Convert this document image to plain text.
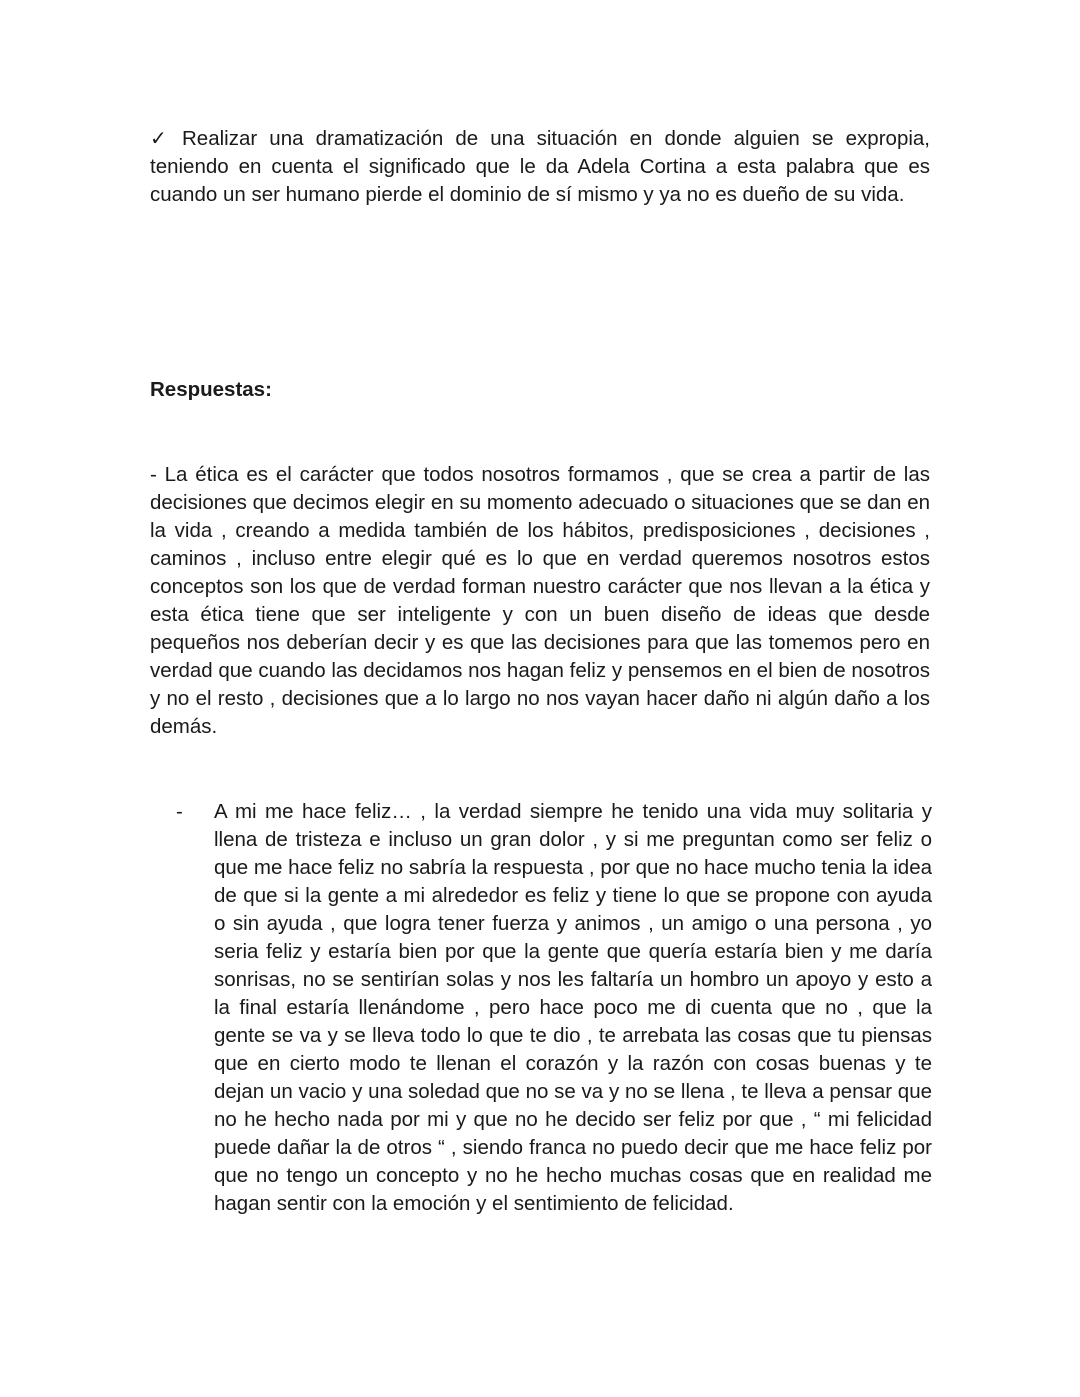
✓ Realizar una dramatización de una situación en donde alguien se expropia, teniendo en cuenta el significado que le da Adela Cortina a esta palabra que es cuando un ser humano pierde el dominio de sí mismo y ya no es dueño de su vida.

Respuestas:

- La ética es el carácter que todos nosotros formamos , que se crea a partir de las decisiones que decimos elegir en su momento adecuado o situaciones que se dan en la vida , creando a medida también de los hábitos, predisposiciones , decisiones , caminos , incluso entre elegir qué es lo que en verdad queremos nosotros estos conceptos son los que de verdad forman nuestro carácter que nos llevan a la ética y esta ética tiene que ser inteligente y con un buen diseño de ideas que desde pequeños nos deberían decir y es que las decisiones para que las tomemos pero en verdad que cuando las decidamos nos hagan feliz y pensemos en el bien de nosotros y no el resto , decisiones que a lo largo no nos vayan hacer daño ni algún daño a los demás.

- A mi me hace feliz… , la verdad siempre he tenido una vida muy solitaria y llena de tristeza e incluso un gran dolor , y si me preguntan como ser feliz o que me hace feliz no sabría la respuesta , por que no hace mucho tenia la idea de que si la gente a mi alrededor es feliz y tiene lo que se propone con ayuda o sin ayuda , que logra tener fuerza y animos , un amigo o una persona , yo seria feliz y estaría bien por que la gente que quería estaría bien y me daría sonrisas, no se sentirían solas y nos les faltaría un hombro un apoyo y esto a la final estaría llenándome , pero hace poco me di cuenta que no , que la gente se va y se lleva todo lo que te dio , te arrebata las cosas que tu piensas que en cierto modo te llenan el corazón y la razón con cosas buenas y te dejan un vacio y una soledad que no se va y no se llena , te lleva a pensar que no he hecho nada por mi y que no he decido ser feliz por que , “ mi felicidad puede dañar la de otros “ , siendo franca no puedo decir que me hace feliz por que no tengo un concepto y no he hecho muchas cosas que en realidad me hagan sentir con la emoción y el sentimiento de felicidad.
